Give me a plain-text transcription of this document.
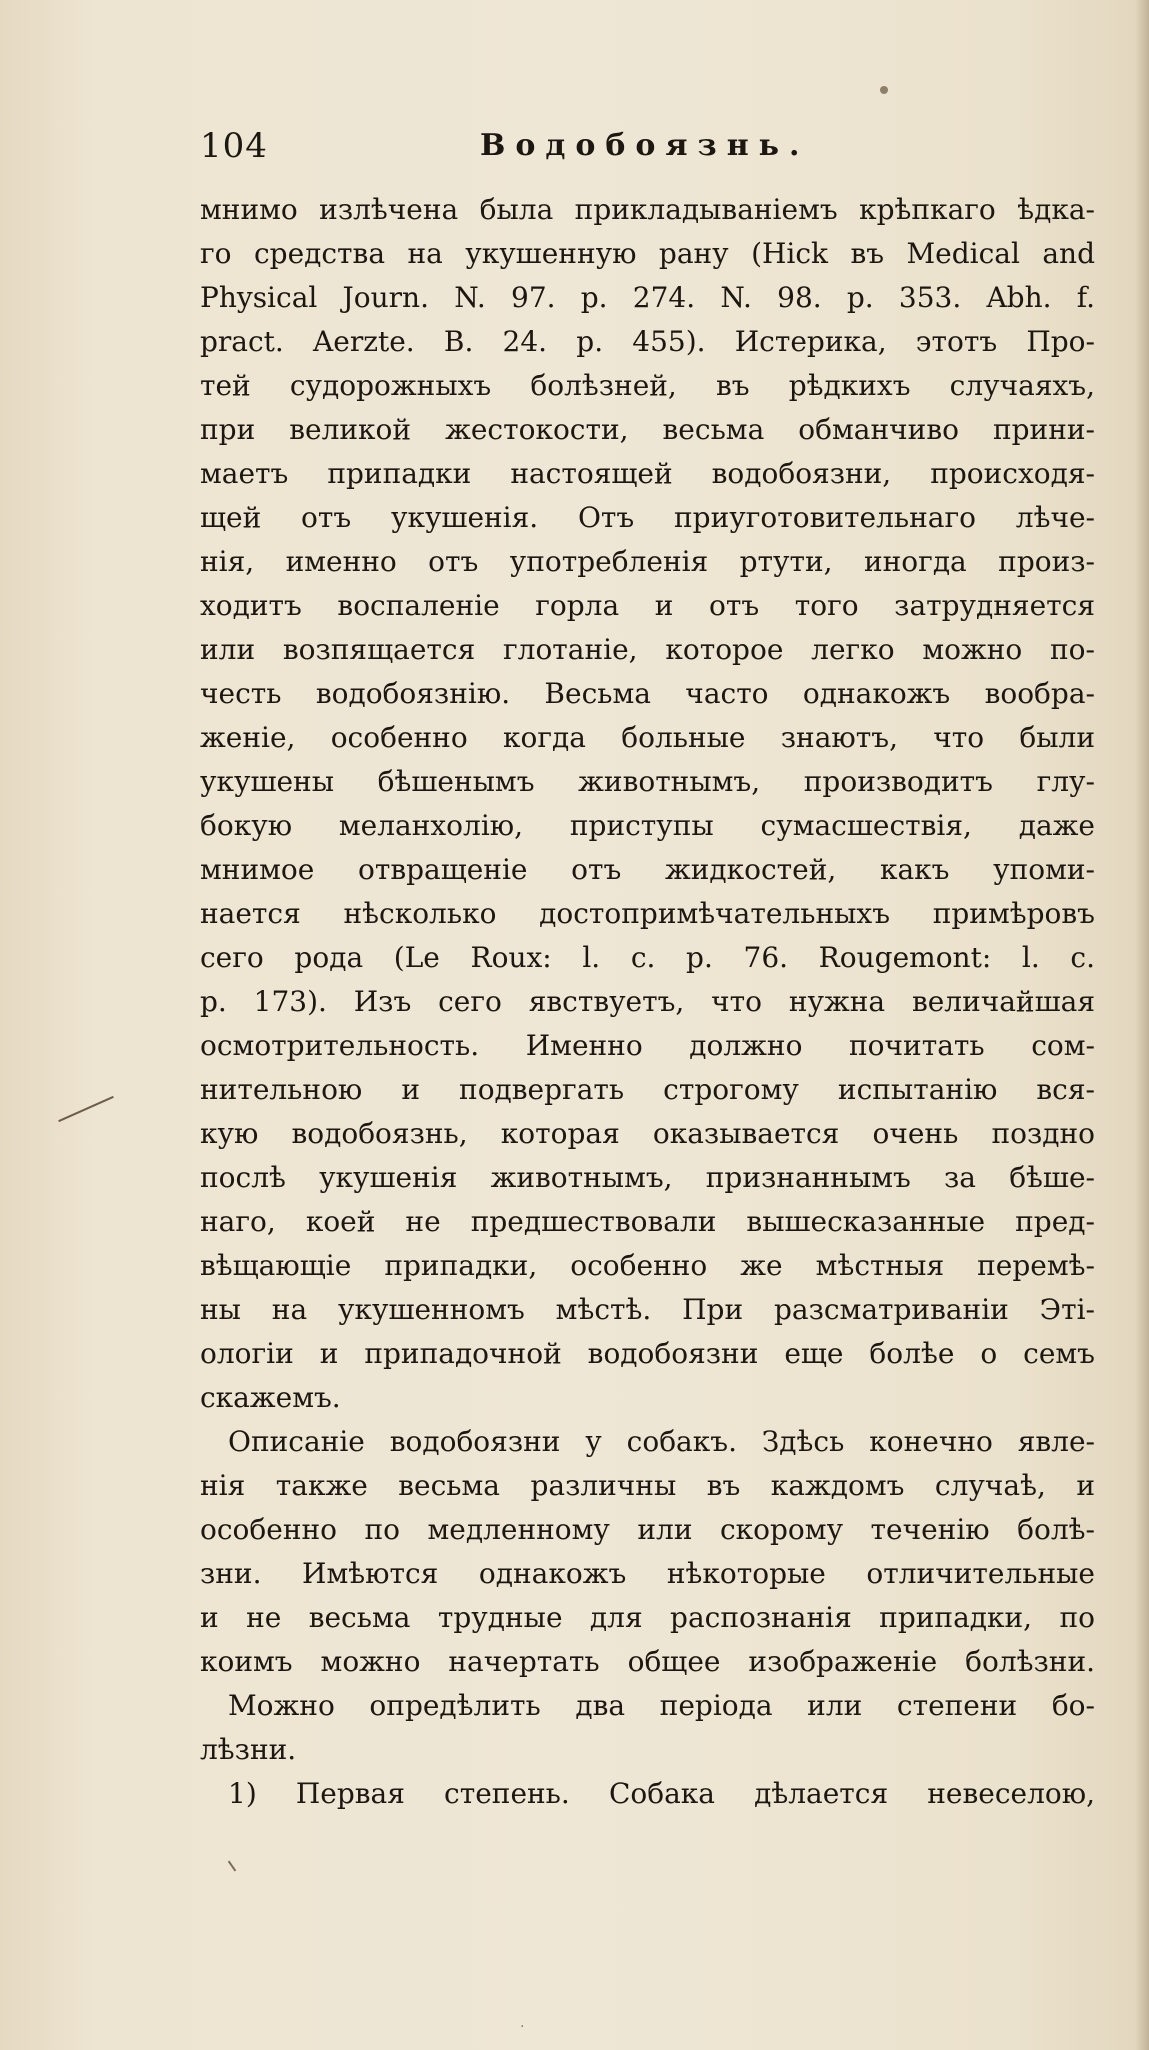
104	Водобоязнь.
мнимо излѣчена была прикладываніемъ крѣпкаго ѣдка-
го средства на укушенную рану (Hick въ Medical and
Physical Journ. N. 97. p. 274. N. 98. p. 353. Abh. f.
pract. Aerzte. B. 24. p. 455). Истерика, этотъ Про-
тей судорожныхъ болѣзней, въ рѣдкихъ случаяхъ,
при великой жестокости, весьма обманчиво прини-
маетъ припадки настоящей водобоязни, происходя-
щей отъ укушенія. Отъ приуготовительнаго лѣче-
нія, именно отъ употребленія ртути, иногда произ-
ходитъ воспаленіе горла и отъ того затрудняется
или возпящается глотаніе, которое легко можно по-
честь водобоязнію. Весьма часто однакожъ вообра-
женіе, особенно когда больные знаютъ, что были
укушены бѣшенымъ животнымъ, производитъ глу-
бокую меланхолію, приступы сумасшествія, даже
мнимое отвращеніе отъ жидкостей, какъ упоми-
нается нѣсколько достопримѣчательныхъ примѣровъ
сего рода (Le Roux: l. c. p. 76. Rougemont: l. c.
p. 173). Изъ сего явствуетъ, что нужна величайшая
осмотрительность. Именно должно почитать сом-
нительною и подвергать строгому испытанію вся-
кую водобоязнь, которая оказывается очень поздно
послѣ укушенія животнымъ, признаннымъ за бѣше-
наго, коей не предшествовали вышесказанные пред-
вѣщающіе припадки, особенно же мѣстныя перемѣ-
ны на укушенномъ мѣстѣ. При разсматриваніи Эті-
ологіи и припадочной водобоязни еще болѣе о семъ
скажемъ.
Описаніе водобоязни у собакъ. Здѣсь конечно явле-
нія также весьма различны въ каждомъ случаѣ, и
особенно по медленному или скорому теченію болѣ-
зни. Имѣются однакожъ нѣкоторые отличительные
и не весьма трудные для распознанія припадки, по
коимъ можно начертать общее изображеніе болѣзни.
Можно опредѣлить два періода или степени бо-
лѣзни.
1) Первая степень. Собака дѣлается невеселою,
.
